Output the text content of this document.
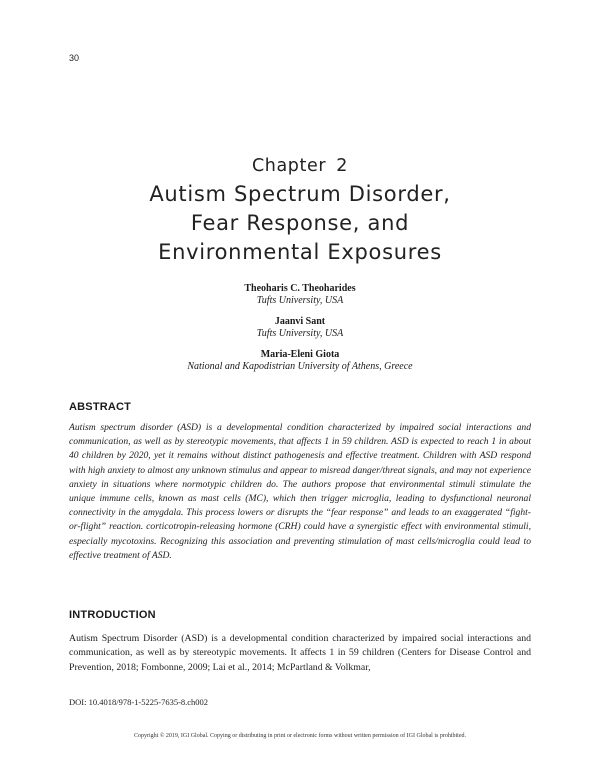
30
Chapter 2
Autism Spectrum Disorder,
Fear Response, and
Environmental Exposures
Theoharis C. Theoharides
Tufts University, USA
Jaanvi Sant
Tufts University, USA
Maria-Eleni Giota
National and Kapodistrian University of Athens, Greece
ABSTRACT

Autism spectrum disorder (ASD) is a developmental condition characterized by impaired social interactions and communication, as well as by stereotypic movements, that affects 1 in 59 children. ASD is expected to reach 1 in about 40 children by 2020, yet it remains without distinct pathogenesis and effective treatment. Children with ASD respond with high anxiety to almost any unknown stimulus and appear to misread danger/threat signals, and may not experience anxiety in situations where normotypic children do. The authors propose that environmental stimuli stimulate the unique immune cells, known as mast cells (MC), which then trigger microglia, leading to dysfunctional neuronal connectivity in the amygdala. This process lowers or disrupts the “fear response” and leads to an exaggerated “fight-or-flight” reaction. corticotropin-releasing hormone (CRH) could have a synergistic effect with environmental stimuli, especially mycotoxins. Recognizing this association and preventing stimulation of mast cells/microglia could lead to effective treatment of ASD.

INTRODUCTION

Autism Spectrum Disorder (ASD) is a developmental condition characterized by impaired social interactions and communication, as well as by stereotypic movements. It affects 1 in 59 children (Centers for Disease Control and Prevention, 2018; Fombonne, 2009; Lai et al., 2014; McPartland & Volkmar,

DOI: 10.4018/978-1-5225-7635-8.ch002
Copyright © 2019, IGI Global. Copying or distributing in print or electronic forms without written permission of IGI Global is prohibited.
